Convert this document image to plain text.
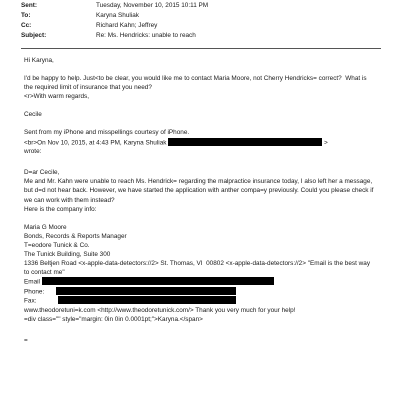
Sent:	Tuesday, November 10, 2015 10:11 PM
To:	Karyna Shuliak
Cc:	Richard Kahn; Jeffrey
Subject:	Re: Ms. Hendricks: unable to reach

Hi Karyna,

I'd be happy to help. Just<to be clear, you would like me to contact Maria Moore, not Cherry Hendricks= correct?  What is the required limit of insurance that you need?

<r>With warm regards,

Cecile

Sent from my iPhone and misspellings courtesy of iPhone.

<br>On Nov 10, 2015, at 4:43 PM, Karyna Shuliak	>

wrote:

D=ar Cecile,

Me and Mr. Kahn were unable to reach Ms. Hendrick= regarding the malpractice insurance today, I also left her a message, but d=d not hear back. However, we have started the application with anther compa=y previously. Could you please check if we can work with them instead?

Here is the company info:

Maria G Moore

Bonds, Records & Reports Manager

T=eodore Tunick & Co.

The Tunick Building, Suite 300

1336 Beltjen Road <x-apple-data-detectors://2> St. Thomas, VI  00802 <x-apple-data-detectors://2> "Email is the best way to contact me"

Email
Phone:
Fax:

www.theodoretuni=k.com <http://www.theodoretunick.com/> Thank you very much for your help!

=div class="" style="margin: 0in 0in 0.0001pt;">Karyna.</span>

=
